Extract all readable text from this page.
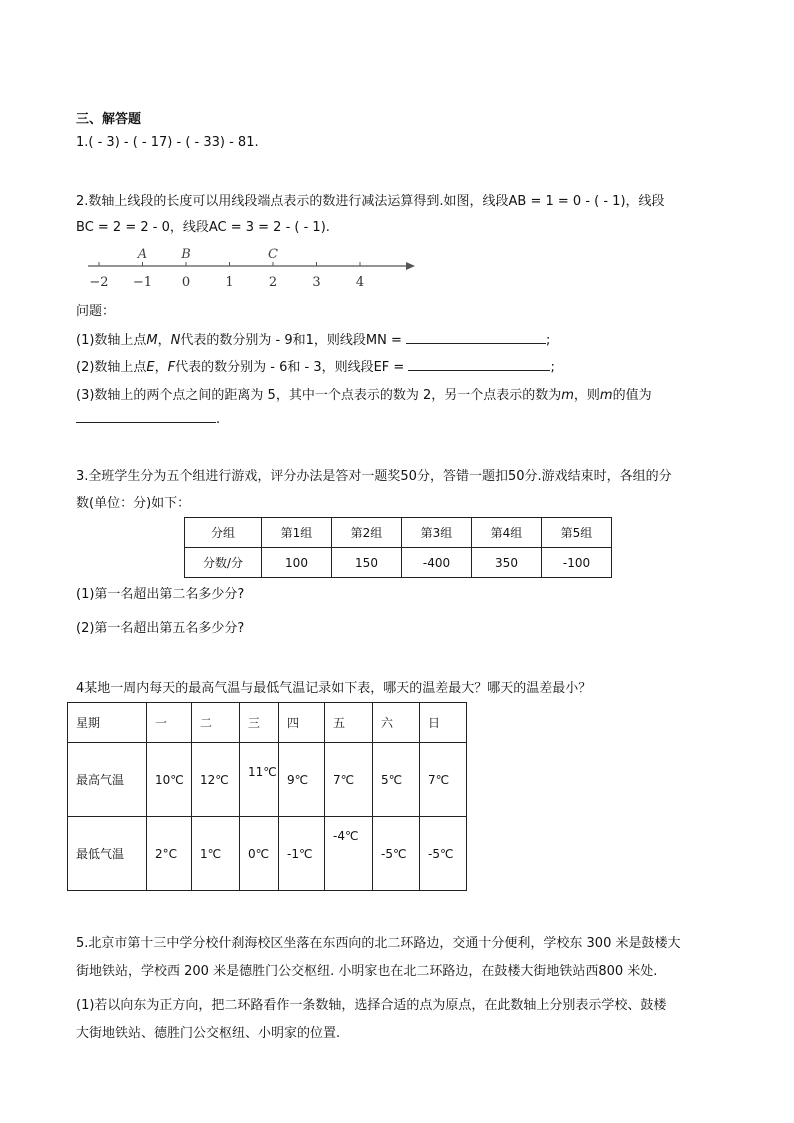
三、解答题
1.( - 3) - ( - 17) - ( - 33) - 81.
2.数轴上线段的长度可以用线段端点表示的数进行减法运算得到.如图，线段AB = 1 = 0 - ( - 1)，线段
BC = 2 = 2 - 0，线段AC = 3 = 2 - ( - 1).
−2 −1 0	1	2	3	4
A	B	C
问题：
(1)数轴上点M，N代表的数分别为 - 9和1，则线段MN =	;
(2)数轴上点E，F代表的数分别为 - 6和 - 3，则线段EF =	;
(3)数轴上的两个点之间的距离为 5，其中一个点表示的数为 2，另一个点表示的数为m，则m的值为
.
3.全班学生分为五个组进行游戏，评分办法是答对一题奖50分，答错一题扣50分.游戏结束时，各组的分
数(单位：分)如下：
分组	第1组	第2组	第3组	第4组	第5组
分数/分	100	150	-400	350	-100
(1)第一名超出第二名多少分?
(2)第一名超出第五名多少分?
4某地一周内每天的最高气温与最低气温记录如下表，哪天的温差最大？哪天的温差最小？
星期	一	二	三	四	五	六	日
最高气温	10℃	12℃	11℃	9℃	7℃	5℃	7℃
最低气温	2°C	1℃	0℃	-1℃	-4℃	-5℃	-5℃
5.北京市第十三中学分校什刹海校区坐落在东西向的北二环路边，交通十分便利，学校东 300 米是鼓楼大
街地铁站，学校西 200 米是德胜门公交枢纽. 小明家也在北二环路边，在鼓楼大街地铁站西800 米处.
(1)若以向东为正方向，把二环路看作一条数轴，选择合适的点为原点，在此数轴上分别表示学校、鼓楼
大街地铁站、德胜门公交枢纽、小明家的位置.
